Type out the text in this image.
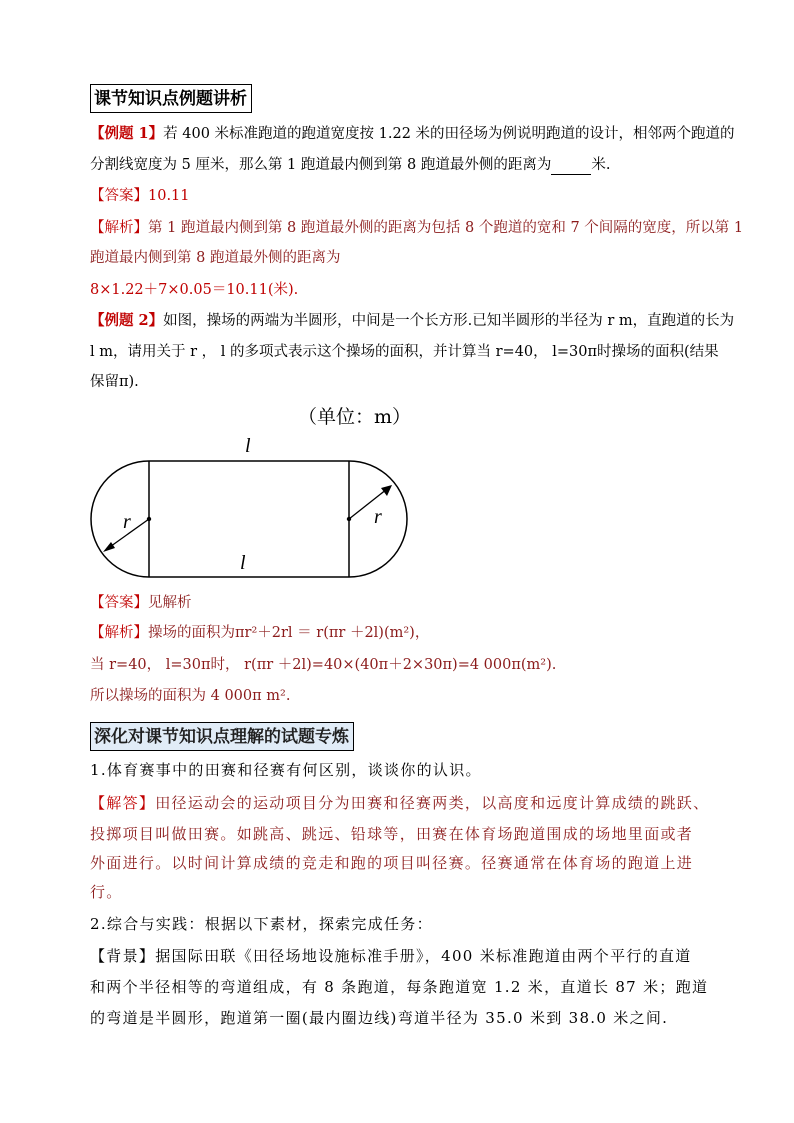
课节知识点例题讲析
【例题 1】若 400 米标准跑道的跑道宽度按 1.22 米的田径场为例说明跑道的设计，相邻两个跑道的
分割线宽度为 5 厘米，那么第 1 跑道最内侧到第 8 跑道最外侧的距离为	米.
【答案】10.11
【解析】第 1 跑道最内侧到第 8 跑道最外侧的距离为包括 8 个跑道的宽和 7 个间隔的宽度，所以第 1
跑道最内侧到第 8 跑道最外侧的距离为
8×1.22＋7×0.05＝10.11(米).
【例题 2】如图，操场的两端为半圆形，中间是一个长方形.已知半圆形的半径为 r m，直跑道的长为
l m，请用关于 r ， l 的多项式表示这个操场的面积，并计算当 r=40， l=30π时操场的面积(结果
保留π).
（单位：m）
l
l
r	r
【答案】见解析
【解析】操场的面积为πr²＋2rl ＝ r(πr ＋2l)(m²)，
当 r=40， l=30π时， r(πr ＋2l)=40×(40π＋2×30π)=4 000π(m²).
所以操场的面积为 4 000π m².
深化对课节知识点理解的试题专炼
1.体育赛事中的田赛和径赛有何区别，谈谈你的认识。
【解答】田径运动会的运动项目分为田赛和径赛两类，以高度和远度计算成绩的跳跃、
投掷项目叫做田赛。如跳高、跳远、铅球等，田赛在体育场跑道围成的场地里面或者
外面进行。以时间计算成绩的竞走和跑的项目叫径赛。径赛通常在体育场的跑道上进
行。
2.综合与实践：根据以下素材，探索完成任务：
【背景】据国际田联《田径场地设施标准手册》，400 米标准跑道由两个平行的直道
和两个半径相等的弯道组成，有 8 条跑道，每条跑道宽 1.2 米，直道长 87 米；跑道
的弯道是半圆形，跑道第一圈(最内圈边线)弯道半径为 35.0 米到 38.0 米之间.
